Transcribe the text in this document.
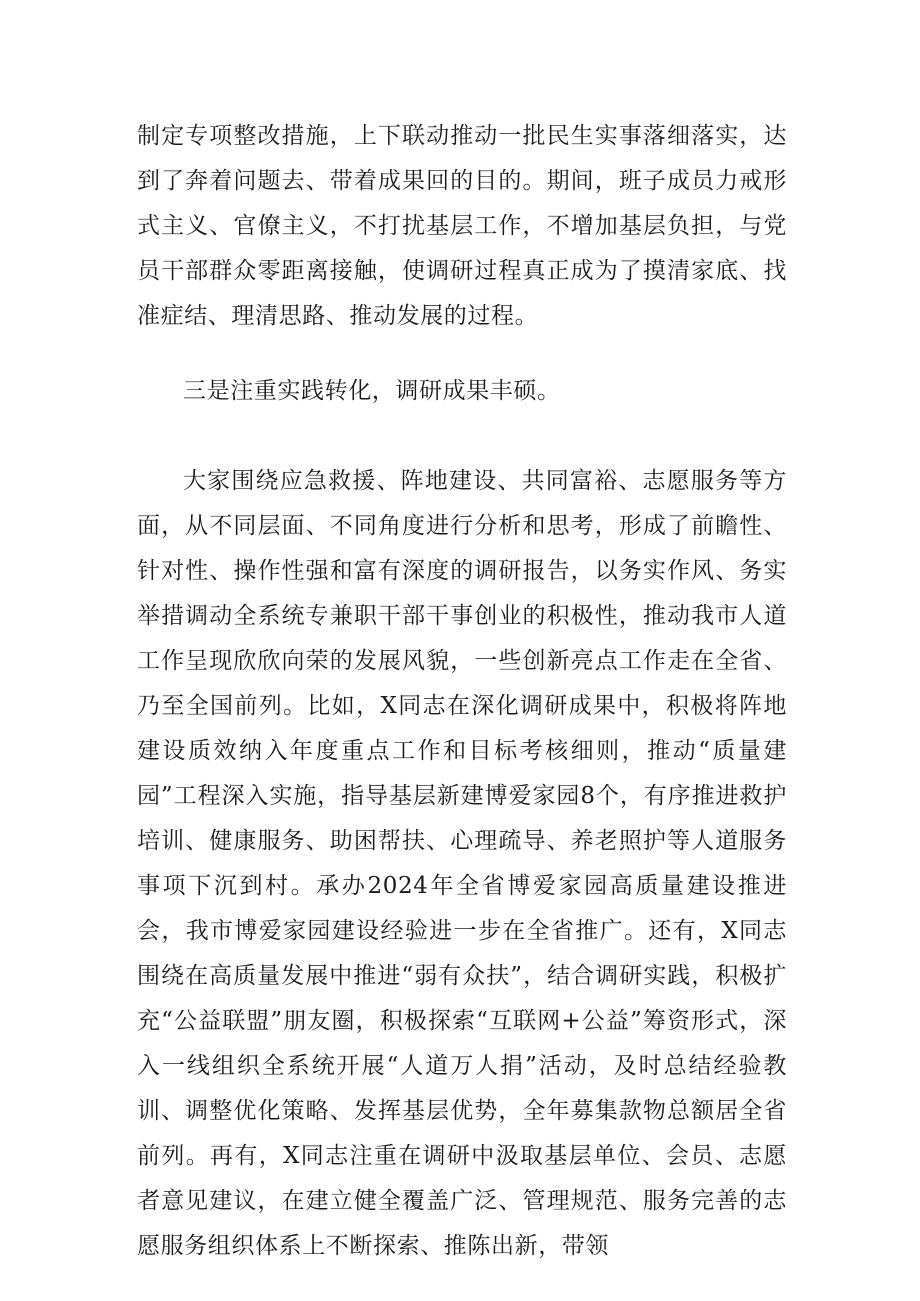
制定专项整改措施，上下联动推动一批民生实事落细落实，达到了奔着问题去、带着成果回的目的。期间，班子成员力戒形式主义、官僚主义，不打扰基层工作，不增加基层负担，与党员干部群众零距离接触，使调研过程真正成为了摸清家底、找准症结、理清思路、推动发展的过程。

三是注重实践转化，调研成果丰硕。

大家围绕应急救援、阵地建设、共同富裕、志愿服务等方面，从不同层面、不同角度进行分析和思考，形成了前瞻性、针对性、操作性强和富有深度的调研报告，以务实作风、务实举措调动全系统专兼职干部干事创业的积极性，推动我市人道工作呈现欣欣向荣的发展风貌，一些创新亮点工作走在全省、乃至全国前列。比如，X同志在深化调研成果中，积极将阵地建设质效纳入年度重点工作和目标考核细则，推动“质量建园”工程深入实施，指导基层新建博爱家园8个，有序推进救护培训、健康服务、助困帮扶、心理疏导、养老照护等人道服务事项下沉到村。承办2024年全省博爱家园高质量建设推进会，我市博爱家园建设经验进一步在全省推广。还有，X同志围绕在高质量发展中推进“弱有众扶”，结合调研实践，积极扩充“公益联盟”朋友圈，积极探索“互联网+公益”筹资形式，深入一线组织全系统开展“人道万人捐”活动，及时总结经验教训、调整优化策略、发挥基层优势，全年募集款物总额居全省前列。再有，X同志注重在调研中汲取基层单位、会员、志愿者意见建议，在建立健全覆盖广泛、管理规范、服务完善的志愿服务组织体系上不断探索、推陈出新，带领
